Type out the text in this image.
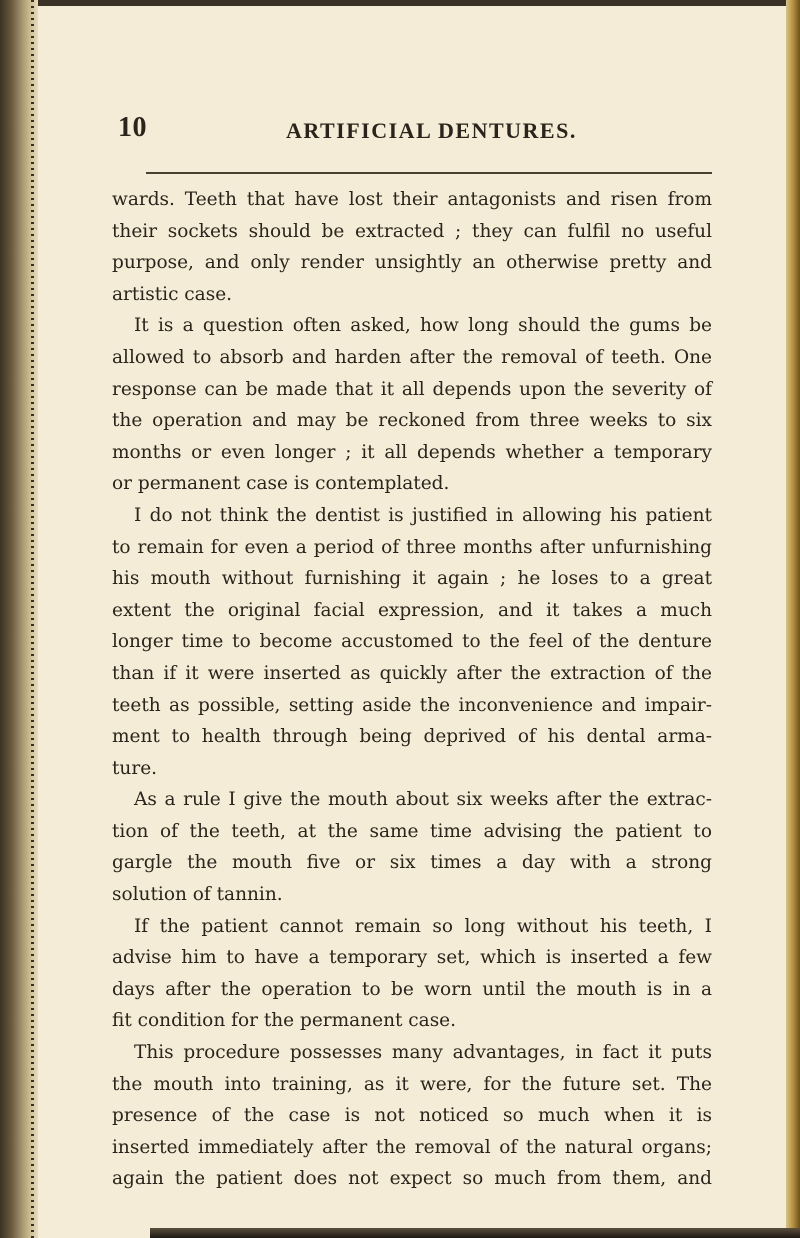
10	ARTIFICIAL DENTURES.
wards. Teeth that have lost their antagonists and risen from
their sockets should be extracted ; they can fulfil no useful
purpose, and only render unsightly an otherwise pretty and
artistic case.
It is a question often asked, how long should the gums be
allowed to absorb and harden after the removal of teeth. One
response can be made that it all depends upon the severity of
the operation and may be reckoned from three weeks to six
months or even longer ; it all depends whether a temporary
or permanent case is contemplated.
I do not think the dentist is justified in allowing his patient
to remain for even a period of three months after unfurnishing
his mouth without furnishing it again ; he loses to a great
extent the original facial expression, and it takes a much
longer time to become accustomed to the feel of the denture
than if it were inserted as quickly after the extraction of the
teeth as possible, setting aside the inconvenience and impair-
ment to health through being deprived of his dental arma-
ture.
As a rule I give the mouth about six weeks after the extrac-
tion of the teeth, at the same time advising the patient to
gargle the mouth five or six times a day with a strong
solution of tannin.
If the patient cannot remain so long without his teeth, I
advise him to have a temporary set, which is inserted a few
days after the operation to be worn until the mouth is in a
fit condition for the permanent case.
This procedure possesses many advantages, in fact it puts
the mouth into training, as it were, for the future set. The
presence of the case is not noticed so much when it is
inserted immediately after the removal of the natural organs;
again the patient does not expect so much from them, and
